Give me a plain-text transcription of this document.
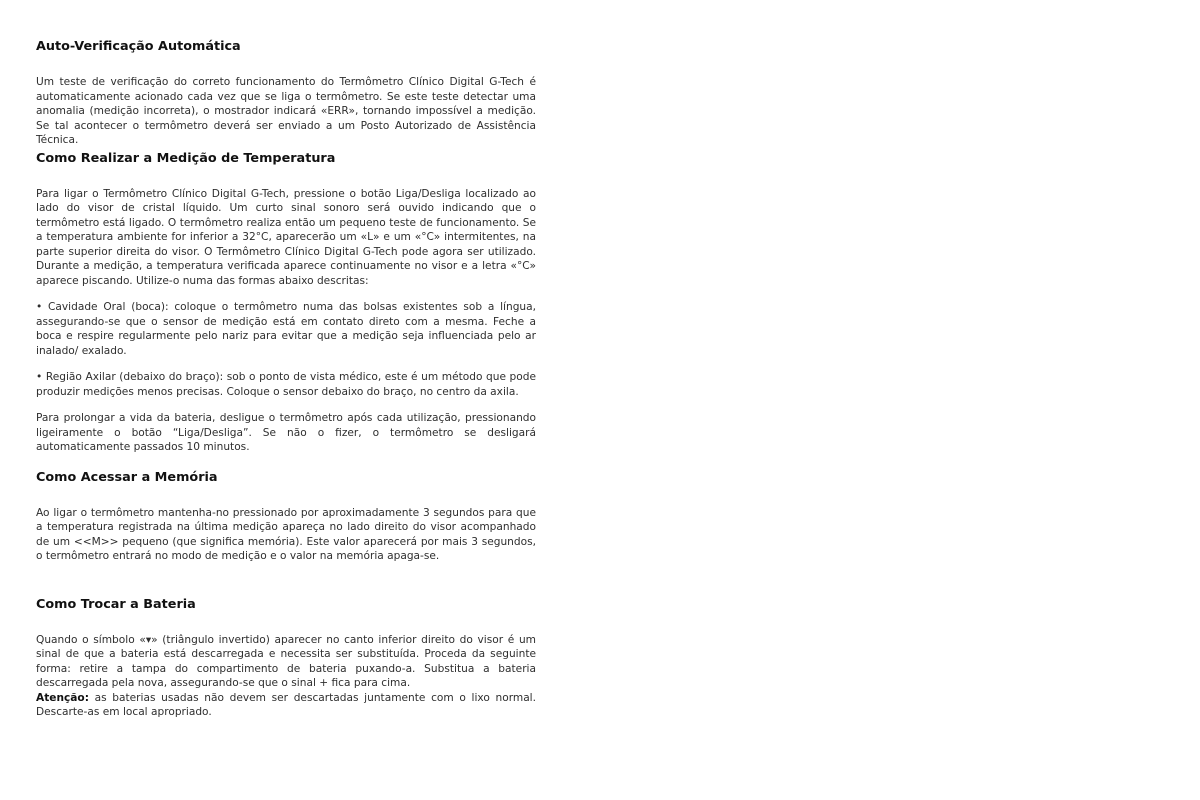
Auto-Verificação Automática

Um teste de verificação do correto funcionamento do Termômetro Clínico Digital G-Tech é automaticamente acionado cada vez que se liga o termômetro. Se este teste detectar uma anomalia (medição incorreta), o mostrador indicará «ERR», tornando impossível a medição. Se tal acontecer o termômetro deverá ser enviado a um Posto Autorizado de Assistência Técnica.

Como Realizar a Medição de Temperatura

Para ligar o Termômetro Clínico Digital G-Tech, pressione o botão Liga/Desliga localizado ao lado do visor de cristal líquido. Um curto sinal sonoro será ouvido indicando que o termômetro está ligado. O termômetro realiza então um pequeno teste de funcionamento. Se a temperatura ambiente for inferior a 32°C, aparecerão um «L» e um «°C» intermitentes, na parte superior direita do visor. O Termômetro Clínico Digital G-Tech pode agora ser utilizado. Durante a medição, a temperatura verificada aparece continuamente no visor e a letra «°C» aparece piscando. Utilize-o numa das formas abaixo descritas:

• Cavidade Oral (boca): coloque o termômetro numa das bolsas existentes sob a língua, assegurando-se que o sensor de medição está em contato direto com a mesma. Feche a boca e respire regularmente pelo nariz para evitar que a medição seja influenciada pelo ar inalado/ exalado.

• Região Axilar (debaixo do braço): sob o ponto de vista médico, este é um método que pode produzir medições menos precisas. Coloque o sensor debaixo do braço, no centro da axila.

Para prolongar a vida da bateria, desligue o termômetro após cada utilização, pressionando ligeiramente o botão “Liga/Desliga”. Se não o fizer, o termômetro se desligará automaticamente passados 10 minutos.

Como Acessar a Memória

Ao ligar o termômetro mantenha-no pressionado por aproximadamente 3 segundos para que a temperatura registrada na última medição apareça no lado direito do visor acompanhado de um <<M>> pequeno (que significa memória). Este valor aparecerá por mais 3 segundos, o termômetro entrará no modo de medição e o valor na memória apaga-se.

Como Trocar a Bateria

Quando o símbolo «▾» (triângulo invertido) aparecer no canto inferior direito do visor é um sinal de que a bateria está descarregada e necessita ser substituída. Proceda da seguinte forma: retire a tampa do compartimento de bateria puxando-a. Substitua a bateria descarregada pela nova, assegurando-se que o sinal + fica para cima.

Atenção: as baterias usadas não devem ser descartadas juntamente com o lixo normal. Descarte-as em local apropriado.
